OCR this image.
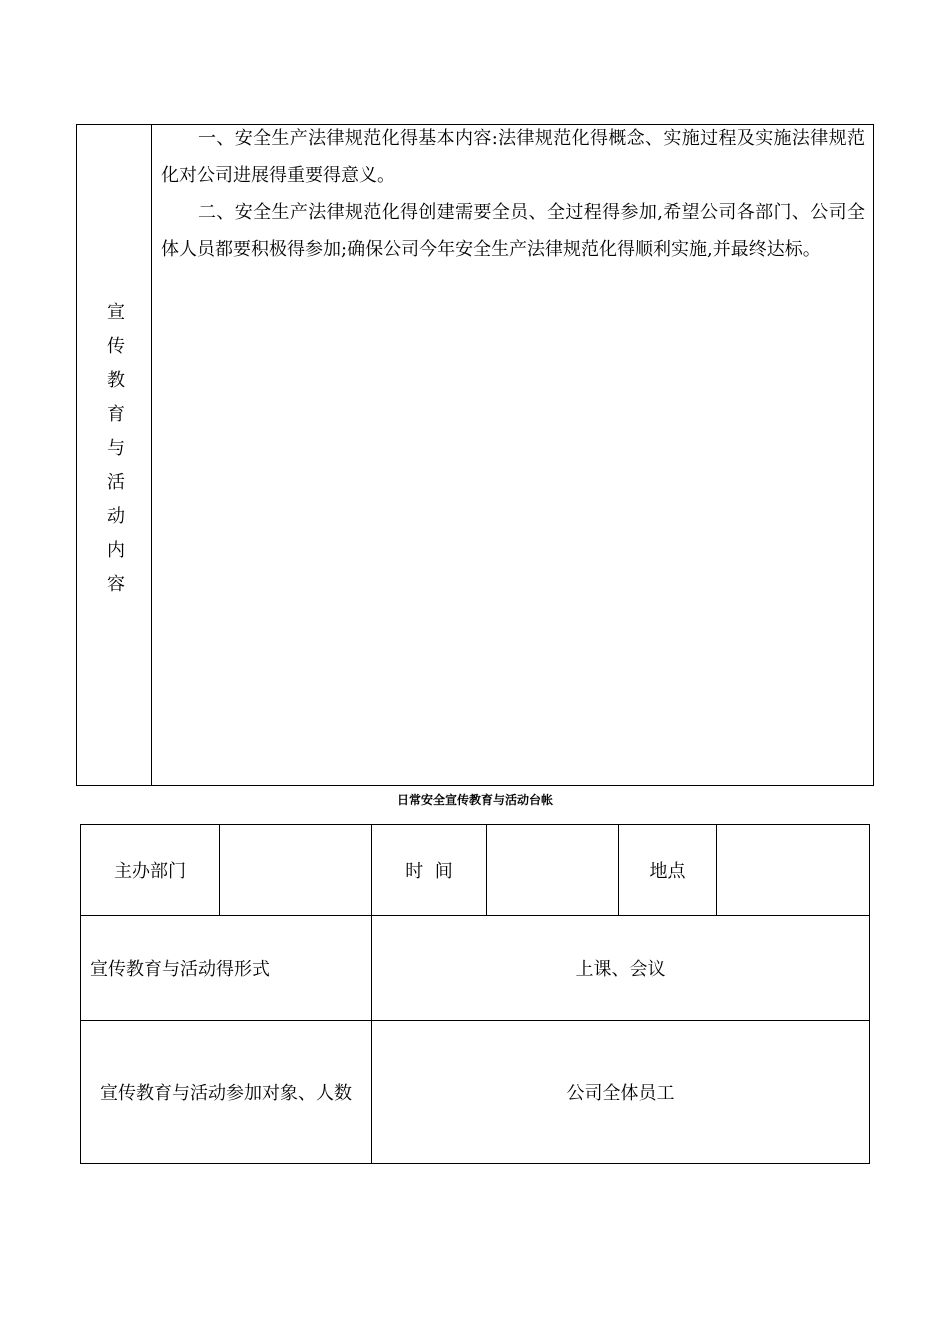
宣传教育与活动内容

一、安全生产法律规范化得基本内容:法律规范化得概念、实施过程及实施法律规范化对公司进展得重要得意义。

二、安全生产法律规范化得创建需要全员、全过程得参加,希望公司各部门、公司全体人员都要积极得参加;确保公司今年安全生产法律规范化得顺利实施,并最终达标。

日常安全宣传教育与活动台帐
主办部门	时  间	地点
宣传教育与活动得形式	上课、会议
宣传教育与活动参加对象、人数	公司全体员工
